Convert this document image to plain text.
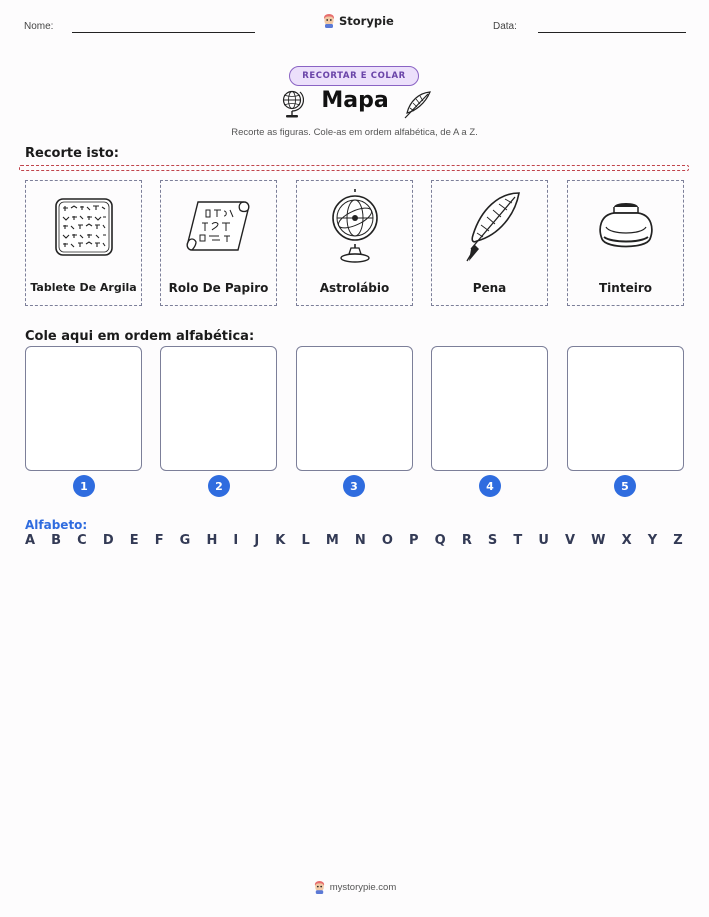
Nome:	Storypie	Data:
RECORTAR E COLAR
Mapa
Recorte as figuras. Cole-as em ordem alfabética, de A a Z.
Recorte isto:
Tablete De Argila	Rolo De Papiro	Astrolábio	Pena	Tinteiro
Cole aqui em ordem alfabética:
1	2	3	4	5
Alfabeto:
A B C D E F G H I J K L M N O P Q R S T U V W X Y Z
mystorypie.com
